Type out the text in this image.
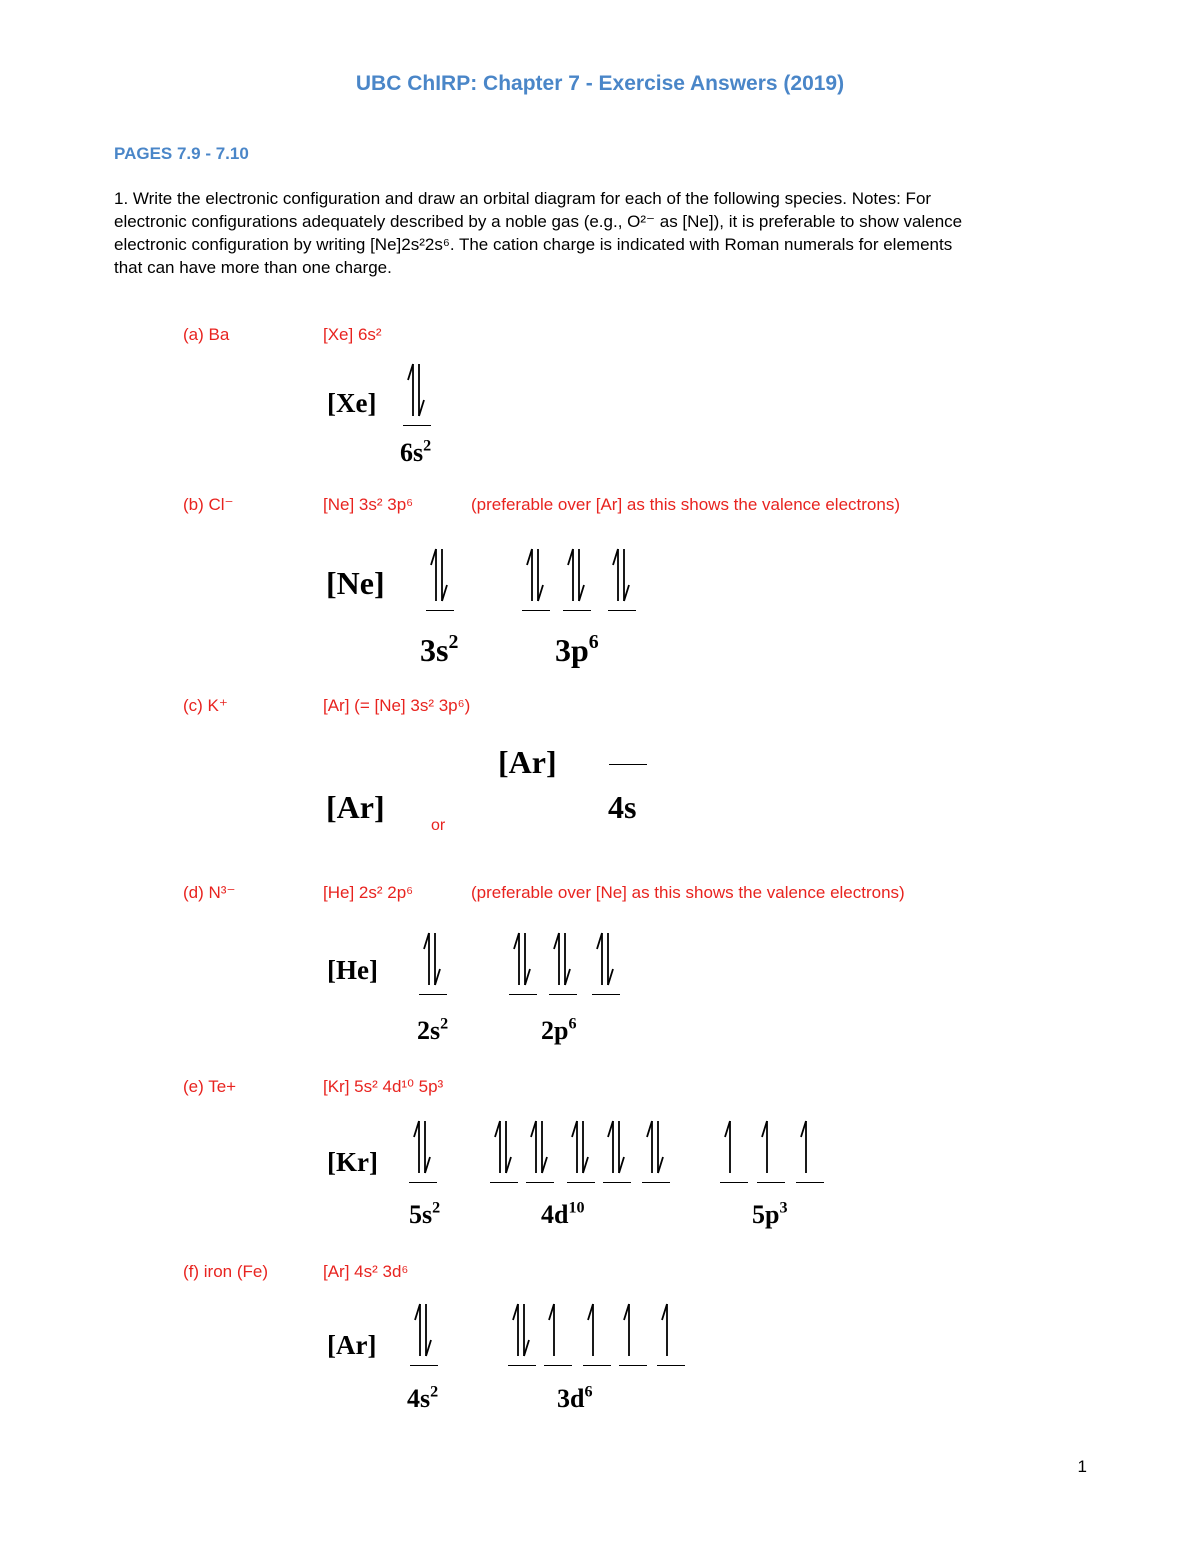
UBC ChIRP: Chapter 7 - Exercise Answers (2019)
PAGES 7.9 - 7.10

1. Write the electronic configuration and draw an orbital diagram for each of the following species. Notes: For

electronic configurations adequately described by a noble gas (e.g., O²⁻ as [Ne]), it is preferable to show valence

electronic configuration by writing [Ne]2s²2s⁶. The cation charge is indicated with Roman numerals for elements

that can have more than one charge.

(a) Ba	[Xe] 6s²
[Xe]
$6s^2$
(b) Cl⁻	[Ne] 3s² 3p⁶	(preferable over [Ar] as this shows the valence electrons)
[Ne]
$3s^2$	$3p^6$
(c) K⁺	[Ar] (= [Ne] 3s² 3p⁶)
[Ar]
[Ar]
or
4s
(d) N³⁻	[He] 2s² 2p⁶	(preferable over [Ne] as this shows the valence electrons)
[He]
$2s^2$	$2p^6$
(e) Te+	[Kr] 5s² 4d¹⁰ 5p³
[Kr]
$5s^2$	$4d^{10}$	$5p^3$
(f) iron (Fe)	[Ar] 4s² 3d⁶
[Ar]
$4s^2$	$3d^6$
1
